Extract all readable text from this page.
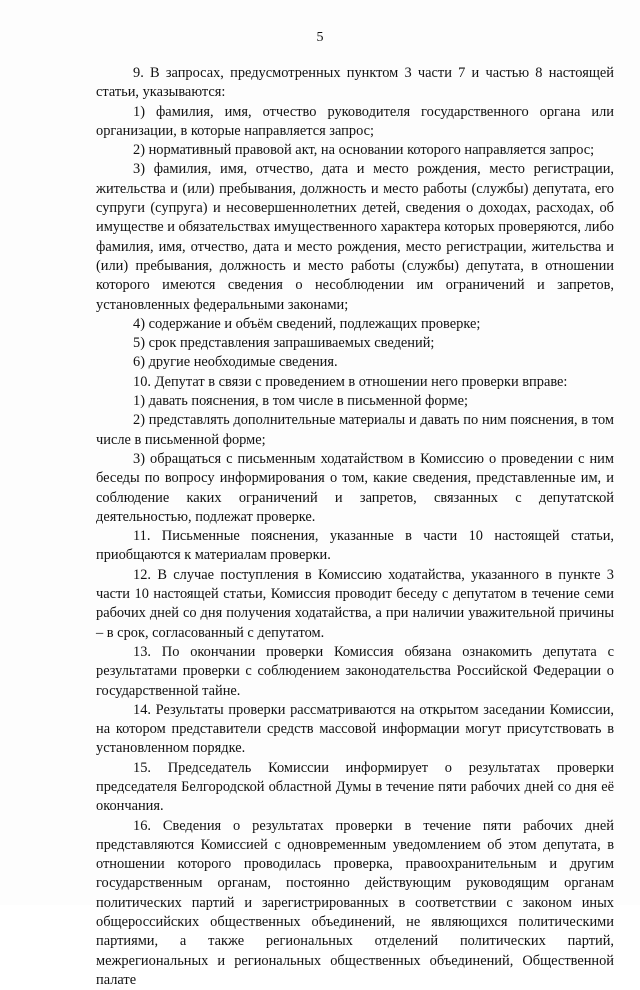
5

9. В запросах, предусмотренных пунктом 3 части 7 и частью 8 настоящей статьи, указываются:

1) фамилия, имя, отчество руководителя государственного органа или организации, в которые направляется запрос;

2) нормативный правовой акт, на основании которого направляется запрос;

3) фамилия, имя, отчество, дата и место рождения, место регистрации, жительства и (или) пребывания, должность и место работы (службы) депутата, его супруги (супруга) и несовершеннолетних детей, сведения о доходах, расходах, об имуществе и обязательствах имущественного характера которых проверяются, либо фамилия, имя, отчество, дата и место рождения, место регистрации, жительства и (или) пребывания, должность и место работы (службы) депутата, в отношении которого имеются сведения о несоблюдении им ограничений и запретов, установленных федеральными законами;

4) содержание и объём сведений, подлежащих проверке;

5) срок представления запрашиваемых сведений;

6) другие необходимые сведения.

10. Депутат в связи с проведением в отношении него проверки вправе:

1) давать пояснения, в том числе в письменной форме;

2) представлять дополнительные материалы и давать по ним пояснения, в том числе в письменной форме;

3) обращаться с письменным ходатайством в Комиссию о проведении с ним беседы по вопросу информирования о том, какие сведения, представленные им, и соблюдение каких ограничений и запретов, связанных с депутатской деятельностью, подлежат проверке.

11. Письменные пояснения, указанные в части 10 настоящей статьи, приобщаются к материалам проверки.

12. В случае поступления в Комиссию ходатайства, указанного в пункте 3 части 10 настоящей статьи, Комиссия проводит беседу с депутатом в течение семи рабочих дней со дня получения ходатайства, а при наличии уважительной причины – в срок, согласованный с депутатом.

13. По окончании проверки Комиссия обязана ознакомить депутата с результатами проверки с соблюдением законодательства Российской Федерации о государственной тайне.

14. Результаты проверки рассматриваются на открытом заседании Комиссии, на котором представители средств массовой информации могут присутствовать в установленном порядке.

15. Председатель Комиссии информирует о результатах проверки председателя Белгородской областной Думы в течение пяти рабочих дней со дня её окончания.

16. Сведения о результатах проверки в течение пяти рабочих дней представляются Комиссией с одновременным уведомлением об этом депутата, в отношении которого проводилась проверка, правоохранительным и другим государственным органам, постоянно действующим руководящим органам политических партий и зарегистрированных в соответствии с законом иных общероссийских общественных объединений, не являющихся политическими партиями, а также региональных отделений политических партий, межрегиональных и региональных общественных объединений, Общественной палате
